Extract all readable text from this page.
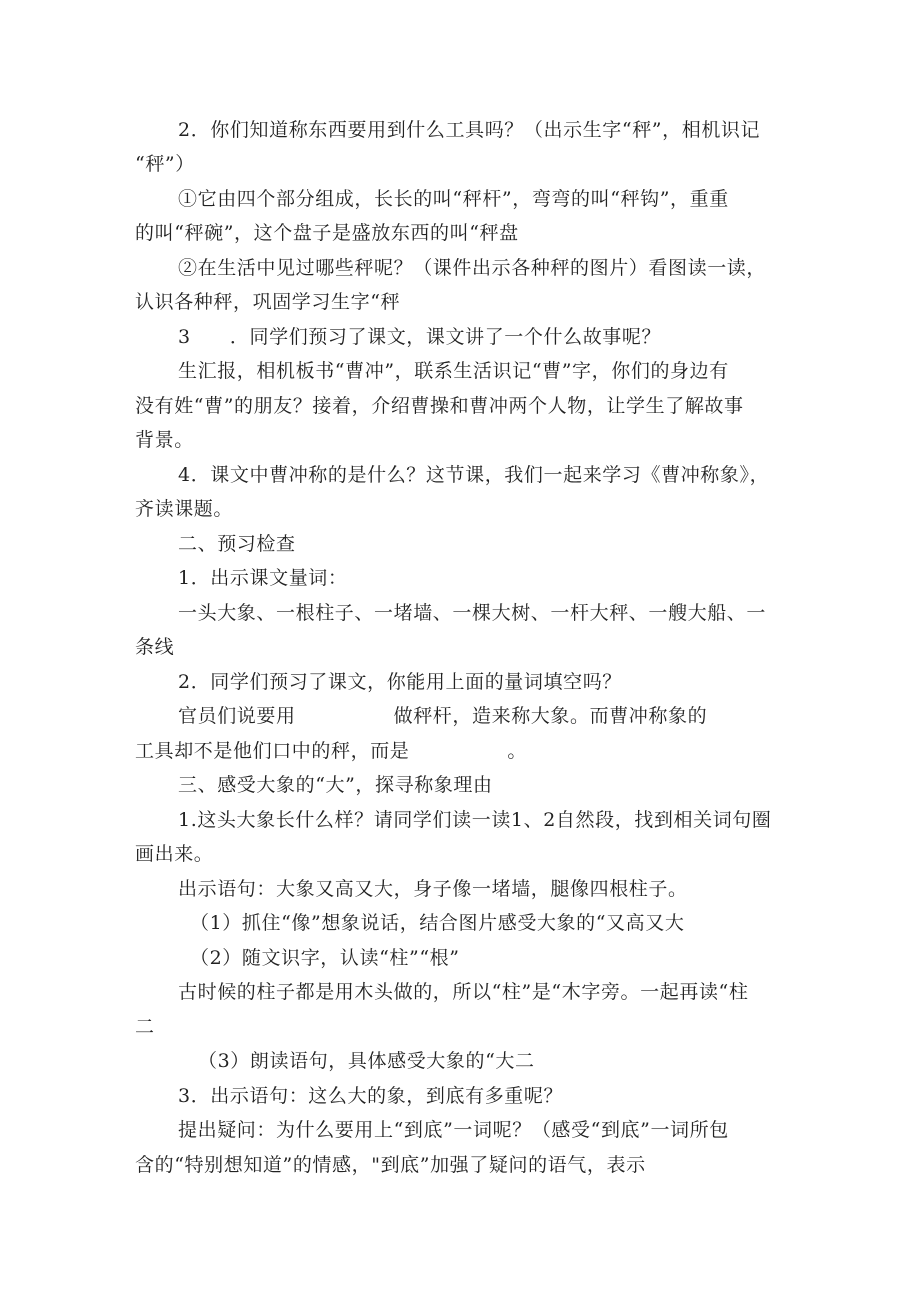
2．你们知道称东西要用到什么工具吗？（出示生字“秤”，相机识记
“秤”）
①它由四个部分组成，长长的叫“秤杆”，弯弯的叫“秤钩”，重重
的叫“秤碗”，这个盘子是盛放东西的叫“秤盘
②在生活中见过哪些秤呢？（课件出示各种秤的图片）看图读一读，
认识各种秤，巩固学习生字“秤
3　　．同学们预习了课文，课文讲了一个什么故事呢？
生汇报，相机板书“曹冲”，联系生活识记“曹”字，你们的身边有
没有姓“曹”的朋友？接着，介绍曹操和曹冲两个人物，让学生了解故事
背景。
4．课文中曹冲称的是什么？这节课，我们一起来学习《曹冲称象》，
齐读课题。
二、预习检查
1．出示课文量词：
一头大象、一根柱子、一堵墙、一棵大树、一杆大秤、一艘大船、一
条线
2．同学们预习了课文，你能用上面的量词填空吗？
官员们说要用　　　　　做秤杆，造来称大象。而曹冲称象的
工具却不是他们口中的秤，而是　　　　　。
三、感受大象的“大”，探寻称象理由
1.这头大象长什么样？请同学们读一读1、2自然段，找到相关词句圈
画出来。
出示语句：大象又高又大，身子像一堵墙，腿像四根柱子。
（1）抓住“像”想象说话，结合图片感受大象的“又高又大
（2）随文识字，认读“柱”“根”
古时候的柱子都是用木头做的，所以“柱”是“木字旁。一起再读“柱
二
（3）朗读语句，具体感受大象的“大二
3．出示语句：这么大的象，到底有多重呢？
提出疑问：为什么要用上“到底”一词呢？（感受“到底”一词所包
含的“特别想知道”的情感，"到底”加强了疑问的语气，表示
